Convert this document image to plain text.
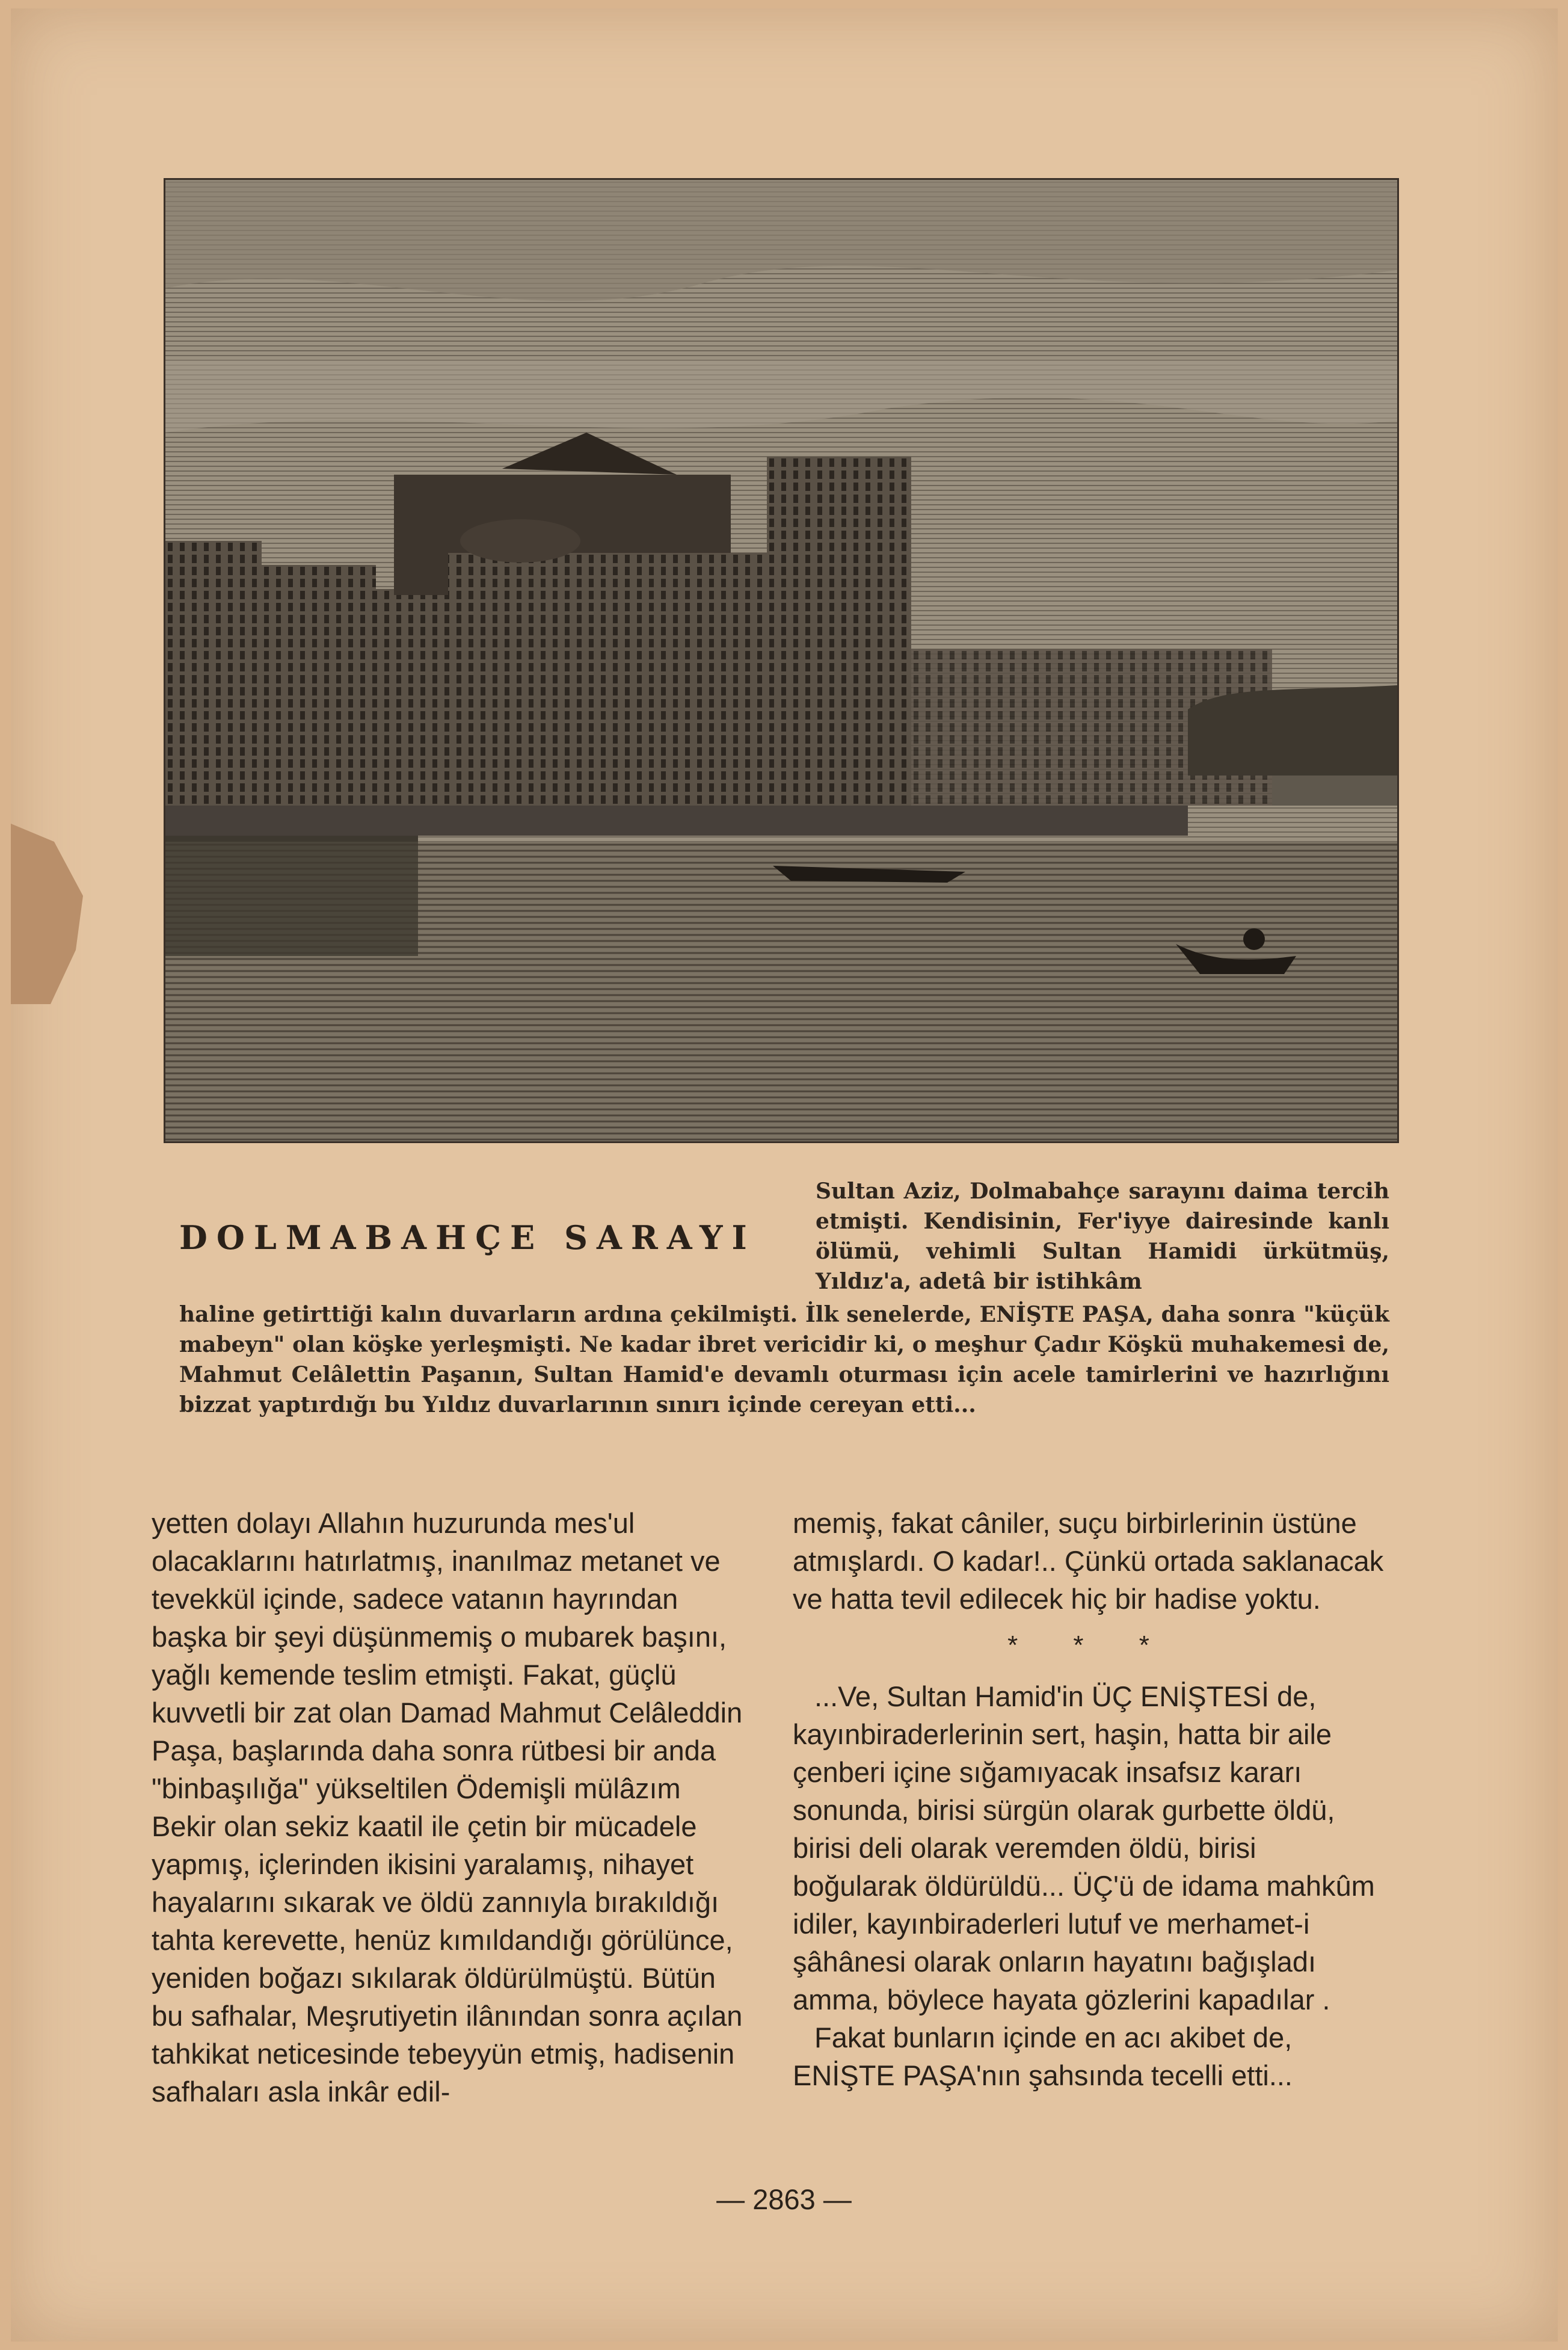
DOLMABAHÇE SARAYI
Sultan Aziz, Dolmabahçe sarayını daima tercih etmişti. Kendisinin, Fer'iyye dairesinde kanlı ölümü, vehimli Sultan Hamidi ürkütmüş, Yıldız'a, adetâ bir istihkâm
haline getirttiği kalın duvarların ardına çekilmişti. İlk senelerde, ENİŞTE PAŞA, daha sonra "küçük mabeyn" olan köşke yerleşmişti. Ne kadar ibret vericidir ki, o meşhur Çadır Köşkü muhakemesi de, Mahmut Celâlettin Paşanın, Sultan Hamid'e devamlı oturması için acele tamirlerini ve hazırlığını bizzat yaptırdığı bu Yıldız duvarlarının sınırı içinde cereyan etti...

yetten dolayı Allahın huzurunda mes'ul olacaklarını hatırlatmış, inanılmaz metanet ve tevekkül içinde, sadece vatanın hayrından başka bir şeyi düşünmemiş o mubarek başını, yağlı kemende teslim etmişti. Fakat, güçlü kuvvetli bir zat olan Damad Mahmut Celâleddin Paşa, başlarında daha sonra rütbesi bir anda "binbaşılığa" yükseltilen Ödemişli mülâzım Bekir olan sekiz kaatil ile çetin bir mücadele yapmış, içlerinden ikisini yaralamış, nihayet hayalarını sıkarak ve öldü zannıyla bırakıldığı tahta kerevette, henüz kımıldandığı görülünce, yeniden boğazı sıkılarak öldürülmüştü. Bütün bu safhalar, Meşrutiyetin ilânından sonra açılan tahkikat neticesinde tebeyyün etmiş, hadisenin safhaları asla inkâr edil-

memiş, fakat câniler, suçu birbirlerinin üstüne atmışlardı. O kadar!.. Çünkü ortada saklanacak ve hatta tevil edilecek hiç bir hadise yoktu.

* * *

...Ve, Sultan Hamid'in ÜÇ ENİŞTESİ de, kayınbiraderlerinin sert, haşin, hatta bir aile çenberi içine sığamıyacak insafsız kararı sonunda, birisi sürgün olarak gurbette öldü, birisi deli olarak veremden öldü, birisi boğularak öldürüldü... ÜÇ'ü de idama mahkûm idiler, kayınbiraderleri lutuf ve merhamet-i şâhânesi olarak onların hayatını bağışladı amma, böylece hayata gözlerini kapadılar .

Fakat bunların içinde en acı akibet de, ENİŞTE PAŞA'nın şahsında tecelli etti...

— 2863 —
